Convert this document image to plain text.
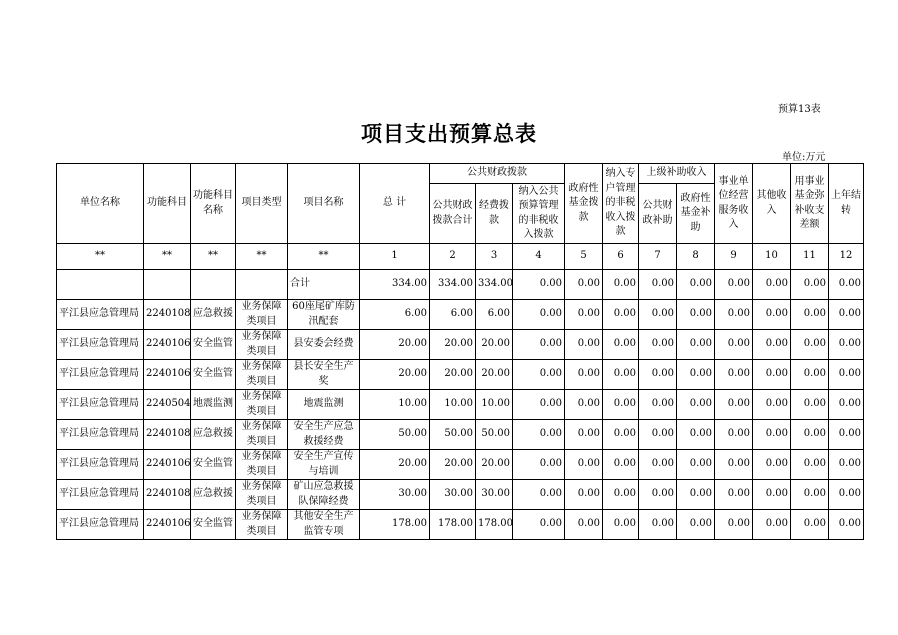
预算13表
项目支出预算总表
单位:万元
单位名称	功能科目	功能科目名称	项目类型	项目名称	总 计	公共财政拨款			政府性基金拨款	纳入专户管理的非税收入拨款	上级补助收入		事业单位经营服务收入	其他收入	用事业基金弥补收支差额	上年结转
						公共财政拨款合计	经费拨款	纳入公共预算管理的非税收入拨款			公共财政补助	政府性基金补助				
**	**	**	**	**	1	2	3	4	5	6	7	8	9	10	11	12
				合计	334.00	334.00	334.00	0.00	0.00	0.00	0.00	0.00	0.00	0.00	0.00	0.00
平江县应急管理局	2240108	应急救援	业务保障类项目	60座尾矿库防汛配套	6.00	6.00	6.00	0.00	0.00	0.00	0.00	0.00	0.00	0.00	0.00	0.00
平江县应急管理局	2240106	安全监管	业务保障类项目	县安委会经费	20.00	20.00	20.00	0.00	0.00	0.00	0.00	0.00	0.00	0.00	0.00	0.00
平江县应急管理局	2240106	安全监管	业务保障类项目	县长安全生产奖	20.00	20.00	20.00	0.00	0.00	0.00	0.00	0.00	0.00	0.00	0.00	0.00
平江县应急管理局	2240504	地震监测	业务保障类项目	地震监测	10.00	10.00	10.00	0.00	0.00	0.00	0.00	0.00	0.00	0.00	0.00	0.00
平江县应急管理局	2240108	应急救援	业务保障类项目	安全生产应急救援经费	50.00	50.00	50.00	0.00	0.00	0.00	0.00	0.00	0.00	0.00	0.00	0.00
平江县应急管理局	2240106	安全监管	业务保障类项目	安全生产宣传与培训	20.00	20.00	20.00	0.00	0.00	0.00	0.00	0.00	0.00	0.00	0.00	0.00
平江县应急管理局	2240108	应急救援	业务保障类项目	矿山应急救援队保障经费	30.00	30.00	30.00	0.00	0.00	0.00	0.00	0.00	0.00	0.00	0.00	0.00
平江县应急管理局	2240106	安全监管	业务保障类项目	其他安全生产监管专项	178.00	178.00	178.00	0.00	0.00	0.00	0.00	0.00	0.00	0.00	0.00	0.00
